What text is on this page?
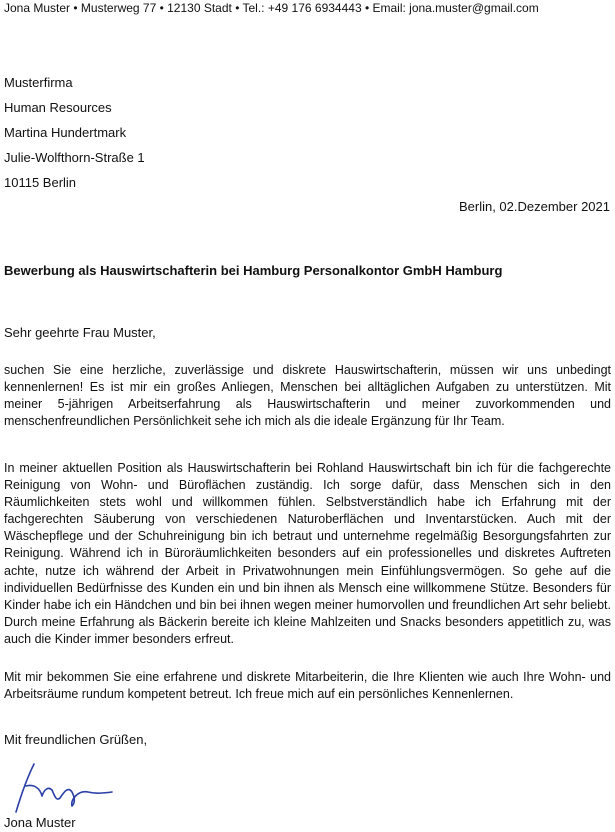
Jona Muster • Musterweg 77 • 12130 Stadt • Tel.: +49 176 6934443 • Email: jona.muster@gmail.com

Musterfirma

Human Resources

Martina Hundertmark

Julie-Wolfthorn-Straße 1

10115 Berlin

Berlin, 02.Dezember 2021

Bewerbung als Hauswirtschafterin bei Hamburg Personalkontor GmbH Hamburg

Sehr geehrte Frau Muster,

suchen Sie eine herzliche, zuverlässige und diskrete Hauswirtschafterin, müssen wir uns unbedingt kennenlernen! Es ist mir ein großes Anliegen, Menschen bei alltäglichen Aufgaben zu unterstützen. Mit meiner 5-jährigen Arbeitserfahrung als Hauswirtschafterin und meiner zuvorkommenden und menschenfreundlichen Persönlichkeit sehe ich mich als die ideale Ergänzung für Ihr Team.

In meiner aktuellen Position als Hauswirtschafterin bei Rohland Hauswirtschaft bin ich für die fachgerechte Reinigung von Wohn- und Büroflächen zuständig. Ich sorge dafür, dass Menschen sich in den Räumlichkeiten stets wohl und willkommen fühlen. Selbstverständlich habe ich Erfahrung mit der fachgerechten Säuberung von verschiedenen Naturoberflächen und Inventarstücken. Auch mit der Wäschepflege und der Schuhreinigung bin ich betraut und unternehme regelmäßig Besorgungsfahrten zur Reinigung. Während ich in Büroräumlichkeiten besonders auf ein professionelles und diskretes Auftreten achte, nutze ich während der Arbeit in Privatwohnungen mein Einfühlungsvermögen. So gehe auf die individuellen Bedürfnisse des Kunden ein und bin ihnen als Mensch eine willkommene Stütze. Besonders für Kinder habe ich ein Händchen und bin bei ihnen wegen meiner humorvollen und freundlichen Art sehr beliebt. Durch meine Erfahrung als Bäckerin bereite ich kleine Mahlzeiten und Snacks besonders appetitlich zu, was auch die Kinder immer besonders erfreut.

Mit mir bekommen Sie eine erfahrene und diskrete Mitarbeiterin, die Ihre Klienten wie auch Ihre Wohn- und Arbeitsräume rundum kompetent betreut. Ich freue mich auf ein persönliches Kennenlernen.

Mit freundlichen Grüßen,

Jona Muster
